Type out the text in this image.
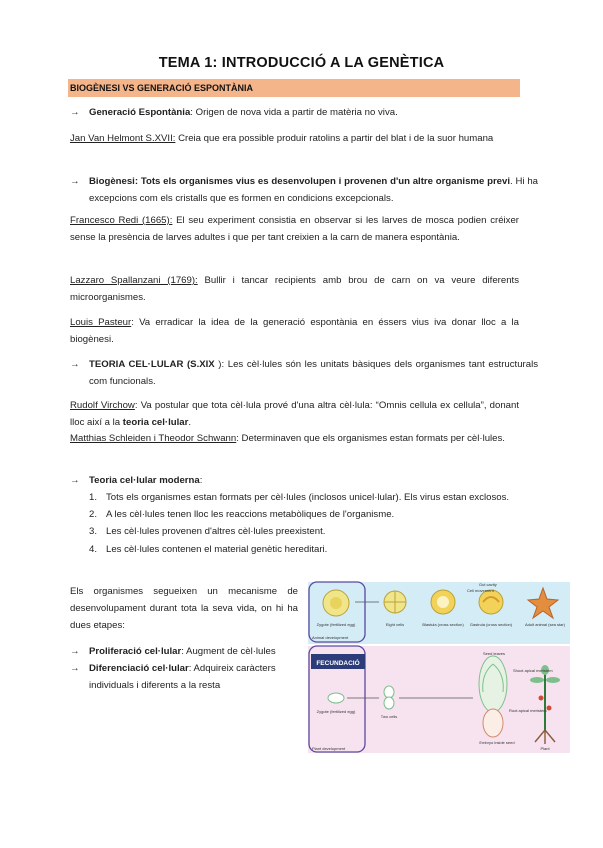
TEMA 1: INTRODUCCIÓ A LA GENÈTICA
BIOGÈNESI VS GENERACIÓ ESPONTÀNIA
→ Generació Espontània: Origen de nova vida a partir de matèria no viva.
Jan Van Helmont S.XVII: Creia que era possible produir ratolins a partir del blat i de la suor humana
→ Biogènesi: Tots els organismes vius es desenvolupen i provenen d'un altre organisme previ. Hi ha excepcions com els cristalls que es formen en condicions excepcionals.
Francesco Redi (1665): El seu experiment consistia en observar si les larves de mosca podien créixer sense la presència de larves adultes i que per tant creixien a la carn de manera espontània.
Lazzaro Spallanzani (1769): Bullir i tancar recipients amb brou de carn on va veure diferents microorganismes.
Louis Pasteur: Va erradicar la idea de la generació espontània en éssers vius iva donar lloc a la biogènesi.
→ TEORIA CEL·LULAR (S.XIX ): Les cèl·lules són les unitats bàsiques dels organismes tant estructurals com funcionals.
Rudolf Virchow: Va postular que tota cèl·lula prové d'una altra cèl·lula: “Omnis cellula ex cellula”, donant lloc així a la teoria cel·lular.
Matthias Schleiden i Theodor Schwann: Determinaven que els organismes estan formats per cèl·lules.
→ Teoria cel·lular moderna:
1. Tots els organismes estan formats per cèl·lules (inclosos unicel·lular). Els virus estan exclosos.
2. A les cèl·lules tenen lloc les reaccions metabòliques de l'organisme.
3. Les cèl·lules provenen d'altres cèl·lules preexistent.
4. Les cèl·lules contenen el material genètic hereditari.
Els organismes segueixen un mecanisme de desenvolupament durant tota la seva vida, on hi ha dues etapes:
→ Proliferació cel·lular: Augment de cèl·lules
→ Diferenciació cel·lular: Adquireix caràcters individuals i diferents a la resta
Zygote (fertilized egg)	Eight cells	Blastula (cross section) Gastrula (cross section)	Adult animal (sea star)
Gut cavity
Cell movement
Animal development
FECUNDACIÓ
Zygote (fertilized egg)
Two cells
Embryo inside seed
Plant
Seed leaves
Shoot apical meristem
Root apical meristem
Plant development
